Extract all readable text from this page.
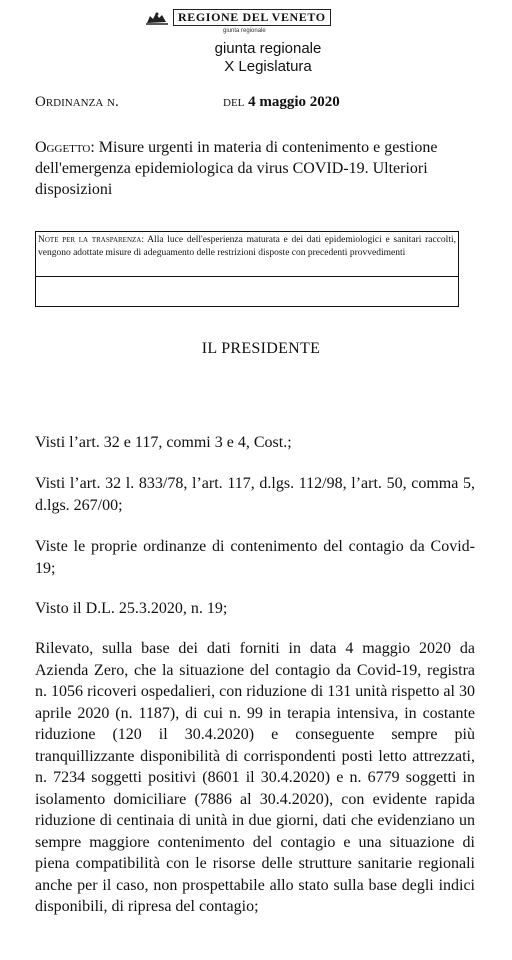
REGIONE DEL VENETO
giunta regionale
giunta regionale
X Legislatura
Ordinanza n.	del 4 maggio 2020
Oggetto: Misure urgenti in materia di contenimento e gestione dell'emergenza epidemiologica da virus COVID-19. Ulteriori disposizioni
Note per la trasparenza: Alla luce dell'esperienza maturata e dei dati epidemiologici e sanitari raccolti, vengono adottate misure di adeguamento delle restrizioni disposte con precedenti provvedimenti
IL PRESIDENTE
Visti l’art. 32 e 117, commi 3 e 4, Cost.;
Visti l’art. 32 l. 833/78, l’art. 117, d.lgs. 112/98, l’art. 50, comma 5, d.lgs. 267/00;
Viste le proprie ordinanze di contenimento del contagio da Covid-19;
Visto il D.L. 25.3.2020, n. 19;
Rilevato, sulla base dei dati forniti in data 4 maggio 2020 da Azienda Zero, che la situazione del contagio da Covid-19, registra n. 1056 ricoveri ospedalieri, con riduzione di 131 unità rispetto al 30 aprile 2020 (n. 1187), di cui n. 99 in terapia intensiva, in costante riduzione (120 il 30.4.2020) e conseguente sempre più tranquillizzante disponibilità di corrispondenti posti letto attrezzati, n. 7234 soggetti positivi (8601 il 30.4.2020) e n. 6779 soggetti in isolamento domiciliare (7886 al 30.4.2020), con evidente rapida riduzione di centinaia di unità in due giorni, dati che evidenziano un sempre maggiore contenimento del contagio e una situazione di piena compatibilità con le risorse delle strutture sanitarie regionali anche per il caso, non prospettabile allo stato sulla base degli indici disponibili, di ripresa del contagio;
